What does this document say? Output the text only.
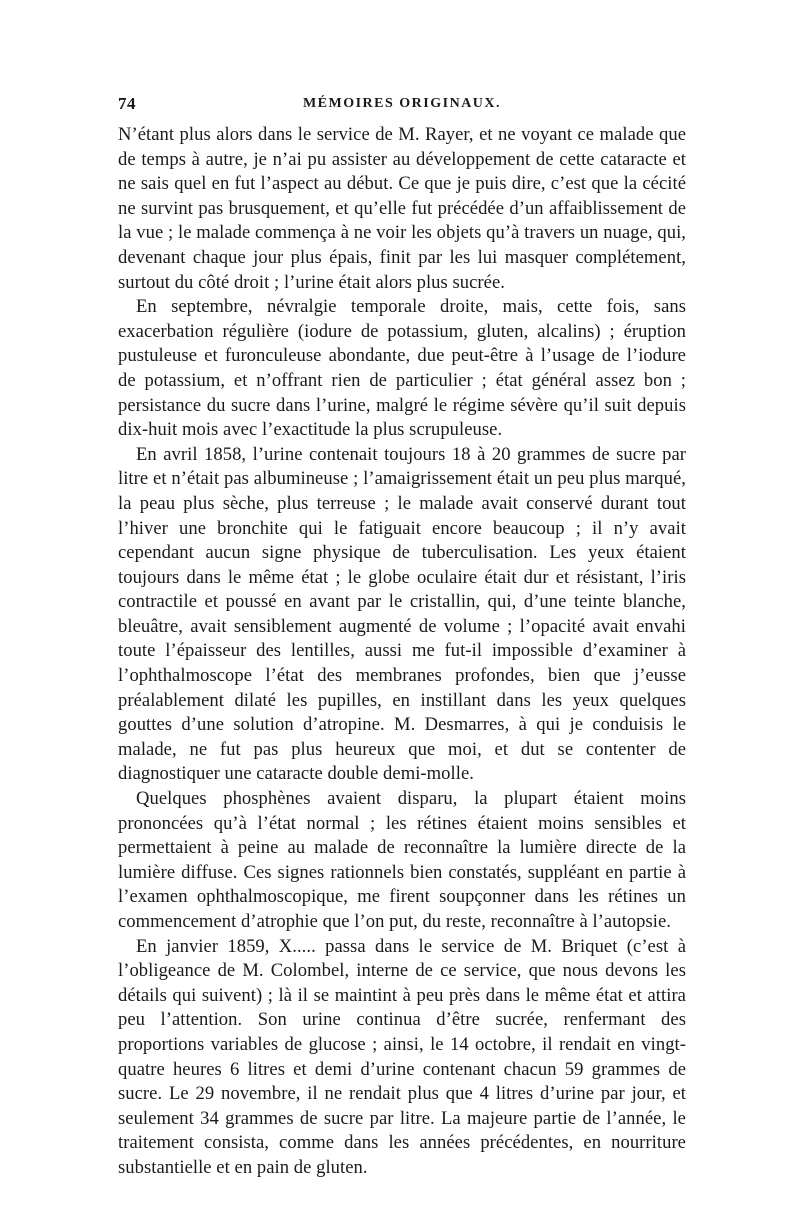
74	MÉMOIRES ORIGINAUX.

N’étant plus alors dans le service de M. Rayer, et ne voyant ce malade que de temps à autre, je n’ai pu assister au développement de cette cataracte et ne sais quel en fut l’aspect au début. Ce que je puis dire, c’est que la cécité ne survint pas brusquement, et qu’elle fut précédée d’un affaiblissement de la vue ; le malade commença à ne voir les objets qu’à travers un nuage, qui, devenant chaque jour plus épais, finit par les lui masquer complétement, surtout du côté droit ; l’urine était alors plus sucrée.

En septembre, névralgie temporale droite, mais, cette fois, sans exacerbation régulière (iodure de potassium, gluten, alcalins) ; éruption pustuleuse et furonculeuse abondante, due peut-être à l’usage de l’iodure de potassium, et n’offrant rien de particulier ; état général assez bon ; persistance du sucre dans l’urine, malgré le régime sévère qu’il suit depuis dix-huit mois avec l’exactitude la plus scrupuleuse.

En avril 1858, l’urine contenait toujours 18 à 20 grammes de sucre par litre et n’était pas albumineuse ; l’amaigrissement était un peu plus marqué, la peau plus sèche, plus terreuse ; le malade avait conservé durant tout l’hiver une bronchite qui le fatiguait encore beaucoup ; il n’y avait cependant aucun signe physique de tuberculisation. Les yeux étaient toujours dans le même état ; le globe oculaire était dur et résistant, l’iris contractile et poussé en avant par le cristallin, qui, d’une teinte blanche, bleuâtre, avait sensiblement augmenté de volume ; l’opacité avait envahi toute l’épaisseur des lentilles, aussi me fut-il impossible d’examiner à l’ophthalmoscope l’état des membranes profondes, bien que j’eusse préalablement dilaté les pupilles, en instillant dans les yeux quelques gouttes d’une solution d’atropine. M. Desmarres, à qui je conduisis le malade, ne fut pas plus heureux que moi, et dut se contenter de diagnostiquer une cataracte double demi-molle.

Quelques phosphènes avaient disparu, la plupart étaient moins prononcées qu’à l’état normal ; les rétines étaient moins sensibles et permettaient à peine au malade de reconnaître la lumière directe de la lumière diffuse. Ces signes rationnels bien constatés, suppléant en partie à l’examen ophthalmoscopique, me firent soupçonner dans les rétines un commencement d’atrophie que l’on put, du reste, reconnaître à l’autopsie.

En janvier 1859, X..... passa dans le service de M. Briquet (c’est à l’obligeance de M. Colombel, interne de ce service, que nous devons les détails qui suivent) ; là il se maintint à peu près dans le même état et attira peu l’attention. Son urine continua d’être sucrée, renfermant des proportions variables de glucose ; ainsi, le 14 octobre, il rendait en vingt-quatre heures 6 litres et demi d’urine contenant chacun 59 grammes de sucre. Le 29 novembre, il ne rendait plus que 4 litres d’urine par jour, et seulement 34 grammes de sucre par litre. La majeure partie de l’année, le traitement consista, comme dans les années précédentes, en nourriture substantielle et en pain de gluten.
